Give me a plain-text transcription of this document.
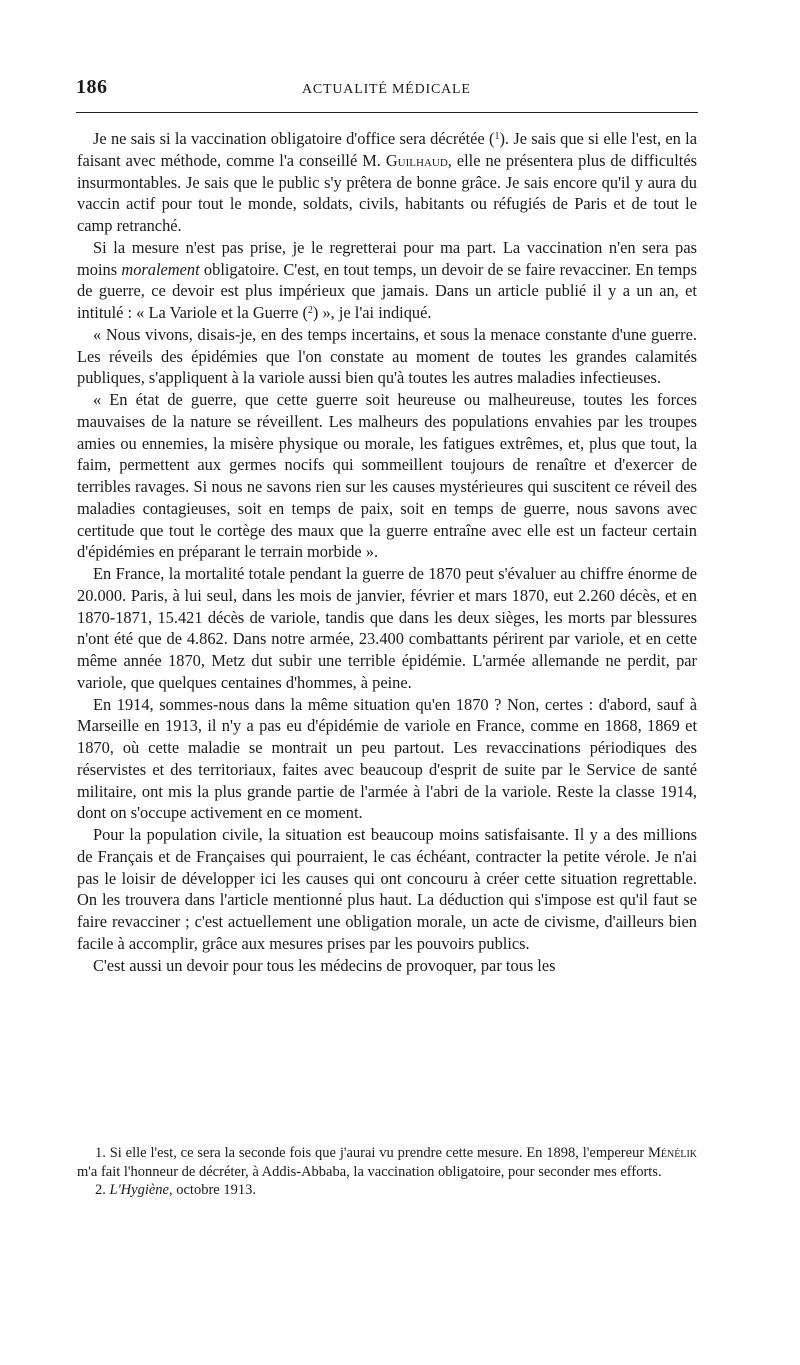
186	ACTUALITÉ MÉDICALE

Je ne sais si la vaccination obligatoire d'office sera décrétée ($^1$). Je sais que si elle l'est, en la faisant avec méthode, comme l'a conseillé M. Guilhaud, elle ne présentera plus de difficultés insurmontables. Je sais que le public s'y prêtera de bonne grâce. Je sais encore qu'il y aura du vaccin actif pour tout le monde, soldats, civils, habitants ou réfugiés de Paris et de tout le camp retranché.

Si la mesure n'est pas prise, je le regretterai pour ma part. La vaccination n'en sera pas moins moralement obligatoire. C'est, en tout temps, un devoir de se faire revacciner. En temps de guerre, ce devoir est plus impérieux que jamais. Dans un article publié il y a un an, et intitulé : « La Variole et la Guerre ($^2$) », je l'ai indiqué.

« Nous vivons, disais-je, en des temps incertains, et sous la menace constante d'une guerre. Les réveils des épidémies que l'on constate au moment de toutes les grandes calamités publiques, s'appliquent à la variole aussi bien qu'à toutes les autres maladies infectieuses.

« En état de guerre, que cette guerre soit heureuse ou malheureuse, toutes les forces mauvaises de la nature se réveillent. Les malheurs des populations envahies par les troupes amies ou ennemies, la misère physique ou morale, les fatigues extrêmes, et, plus que tout, la faim, permettent aux germes nocifs qui sommeillent toujours de renaître et d'exercer de terribles ravages. Si nous ne savons rien sur les causes mystérieures qui suscitent ce réveil des maladies contagieuses, soit en temps de paix, soit en temps de guerre, nous savons avec certitude que tout le cortège des maux que la guerre entraîne avec elle est un facteur certain d'épidémies en préparant le terrain morbide ».

En France, la mortalité totale pendant la guerre de 1870 peut s'évaluer au chiffre énorme de 20.000. Paris, à lui seul, dans les mois de janvier, février et mars 1870, eut 2.260 décès, et en 1870-1871, 15.421 décès de variole, tandis que dans les deux sièges, les morts par blessures n'ont été que de 4.862. Dans notre armée, 23.400 combattants périrent par variole, et en cette même année 1870, Metz dut subir une terrible épidémie. L'armée allemande ne perdit, par variole, que quelques centaines d'hommes, à peine.

En 1914, sommes-nous dans la même situation qu'en 1870 ? Non, certes : d'abord, sauf à Marseille en 1913, il n'y a pas eu d'épidémie de variole en France, comme en 1868, 1869 et 1870, où cette maladie se montrait un peu partout. Les revaccinations périodiques des réservistes et des territoriaux, faites avec beaucoup d'esprit de suite par le Service de santé militaire, ont mis la plus grande partie de l'armée à l'abri de la variole. Reste la classe 1914, dont on s'occupe activement en ce moment.

Pour la population civile, la situation est beaucoup moins satisfaisante. Il y a des millions de Français et de Françaises qui pourraient, le cas échéant, contracter la petite vérole. Je n'ai pas le loisir de développer ici les causes qui ont concouru à créer cette situation regrettable. On les trouvera dans l'article mentionné plus haut. La déduction qui s'impose est qu'il faut se faire revacciner ; c'est actuellement une obligation morale, un acte de civisme, d'ailleurs bien facile à accomplir, grâce aux mesures prises par les pouvoirs publics.

C'est aussi un devoir pour tous les médecins de provoquer, par tous les

1. Si elle l'est, ce sera la seconde fois que j'aurai vu prendre cette mesure. En 1898, l'empereur Ménélik m'a fait l'honneur de décréter, à Addis-Abbaba, la vaccination obligatoire, pour seconder mes efforts.

2. L'Hygiène, octobre 1913.
